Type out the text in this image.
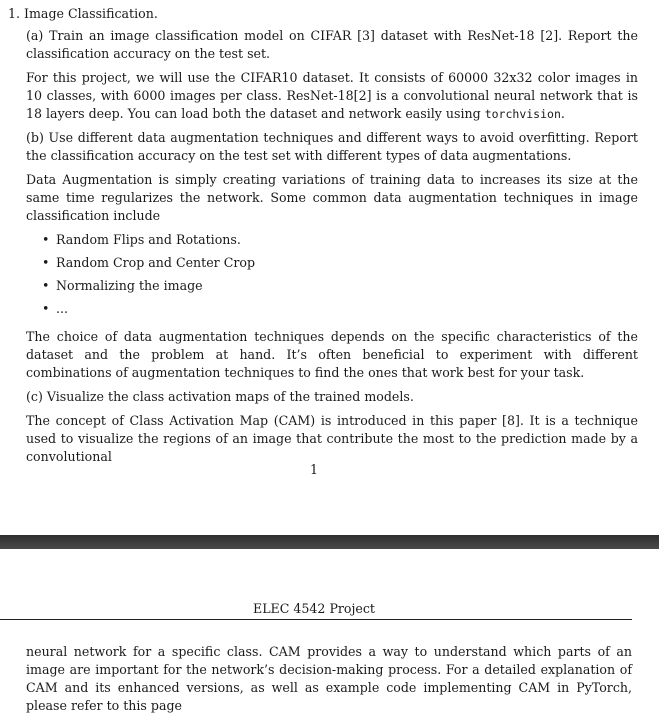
1. Image Classification.

(a) Train an image classification model on CIFAR [3] dataset with ResNet-18 [2]. Report the classification accuracy on the test set.

For this project, we will use the CIFAR10 dataset. It consists of 60000 32x32 color images in 10 classes, with 6000 images per class. ResNet-18[2] is a convolutional neural network that is 18 layers deep. You can load both the dataset and network easily using torchvision.

(b) Use different data augmentation techniques and different ways to avoid overfitting. Report the classification accuracy on the test set with different types of data augmentations.

Data Augmentation is simply creating variations of training data to increases its size at the same time regularizes the network. Some common data augmentation techniques in image classification include

• Random Flips and Rotations.
• Random Crop and Center Crop
• Normalizing the image
• ...

The choice of data augmentation techniques depends on the specific characteristics of the dataset and the problem at hand. It’s often beneficial to experiment with different combinations of augmentation techniques to find the ones that work best for your task.

(c) Visualize the class activation maps of the trained models.

The concept of Class Activation Map (CAM) is introduced in this paper [8]. It is a technique used to visualize the regions of an image that contribute the most to the prediction made by a convolutional

1
ELEC 4542 Project

neural network for a specific class. CAM provides a way to understand which parts of an image are important for the network’s decision-making process. For a detailed explanation of CAM and its enhanced versions, as well as example code implementing CAM in PyTorch, please refer to this page
